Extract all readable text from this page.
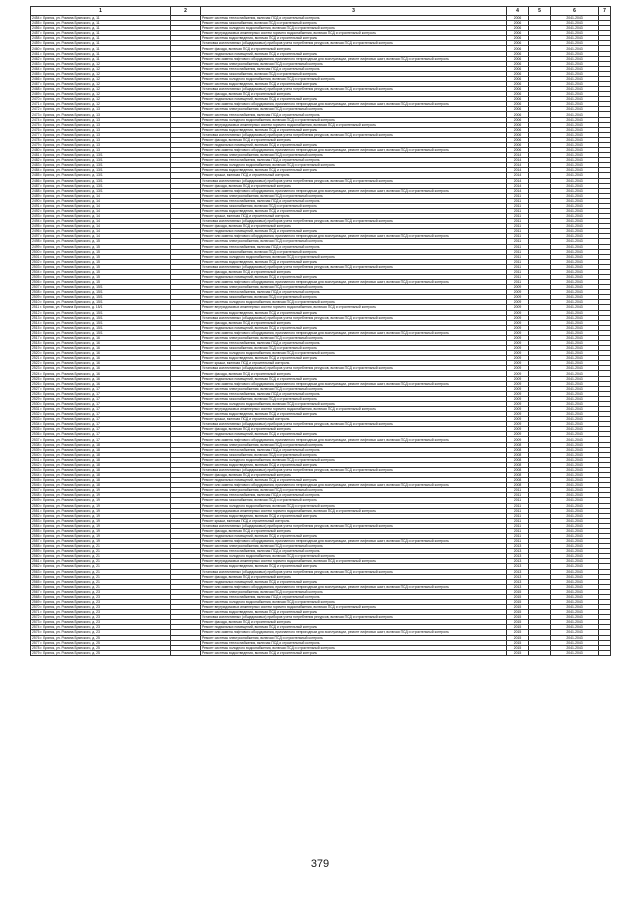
1	2	3	4	5	6	7
2454 г. Брянск, ул. Романа Брянского, д. 11		Ремонт системы теплоснабжения, включая ПСД и строительный контроль	2006		2041-2043	
2455 г. Брянск, ул. Романа Брянского, д. 11		Ремонт системы газоснабжения, включая ПСД и строительный контроль	2006		2041-2043	
2456 г. Брянск, ул. Романа Брянского, д. 11		Ремонт системы холодного водоснабжения, включая ПСД и строительный контроль	2006		2041-2043	
2457 г. Брянск, ул. Романа Брянского, д. 11		Ремонт внутридомовых инженерных систем горячего водоснабжения, включая ПСД и строительный контроль	2006		2041-2043	
2458 г. Брянск, ул. Романа Брянского, д. 11		Ремонт системы водоотведения, включая ПСД и строительный контроль	2006		2041-2043	
2459 г. Брянск, ул. Романа Брянского, д. 11		Установка коллективных (общедомовых) приборов учета потребления ресурсов, включая ПСД и строительный контроль	2006		2041-2043	
2460 г. Брянск, ул. Романа Брянского, д. 11		Ремонт фасада, включая ПСД и строительный контроль	2006		2041-2043	
2461 г. Брянск, ул. Романа Брянского, д. 11		Ремонт подвальных помещений, включая ПСД и строительный контроль	2006		2041-2043	
2462 г. Брянск, ул. Романа Брянского, д. 11		Ремонт или замена лифтового оборудования, признанного непригодным для эксплуатации, ремонт лифтовых шахт, включая ПСД и строительный контроль	2006		2041-2043	
2463 г. Брянск, ул. Романа Брянского, д. 12		Ремонт системы электроснабжения, включая ПСД и строительный контроль	2006		2041-2043	
2464 г. Брянск, ул. Романа Брянского, д. 12		Ремонт системы теплоснабжения, включая ПСД и строительный контроль	2006		2041-2043	
2465 г. Брянск, ул. Романа Брянского, д. 12		Ремонт системы газоснабжения, включая ПСД и строительный контроль	2006		2041-2043	
2466 г. Брянск, ул. Романа Брянского, д. 12		Ремонт системы холодного водоснабжения, включая ПСД и строительный контроль	2006		2041-2043	
2467 г. Брянск, ул. Романа Брянского, д. 12		Ремонт системы водоотведения, включая ПСД и строительный контроль	2006		2041-2043	
2468 г. Брянск, ул. Романа Брянского, д. 12		Установка коллективных (общедомовых) приборов учета потребления ресурсов, включая ПСД и строительный контроль	2006		2041-2043	
2469 г. Брянск, ул. Романа Брянского, д. 12		Ремонт фасада, включая ПСД и строительный контроль	2006		2041-2043	
2470 г. Брянск, ул. Романа Брянского, д. 12		Ремонт подвальных помещений, включая ПСД и строительный контроль	2006		2041-2043	
2471 г. Брянск, ул. Романа Брянского, д. 12		Ремонт или замена лифтового оборудования, признанного непригодным для эксплуатации, ремонт лифтовых шахт, включая ПСД и строительный контроль	2006		2041-2043	
2472 г. Брянск, ул. Романа Брянского, д. 13		Ремонт системы электроснабжения, включая ПСД и строительный контроль	2006		2041-2043	
2473 г. Брянск, ул. Романа Брянского, д. 13		Ремонт системы теплоснабжения, включая ПСД и строительный контроль	2006		2041-2043	
2474 г. Брянск, ул. Романа Брянского, д. 13		Ремонт системы холодного водоснабжения, включая ПСД и строительный контроль	2006		2041-2043	
2475 г. Брянск, ул. Романа Брянского, д. 13		Ремонт внутридомовых инженерных систем горячего водоснабжения, включая ПСД и строительный контроль	2006		2041-2043	
2476 г. Брянск, ул. Романа Брянского, д. 13		Ремонт системы водоотведения, включая ПСД и строительный контроль	2006		2041-2043	
2477 г. Брянск, ул. Романа Брянского, д. 13		Установка коллективных (общедомовых) приборов учета потребления ресурсов, включая ПСД и строительный контроль	2006		2041-2043	
2478 г. Брянск, ул. Романа Брянского, д. 13		Ремонт фасада, включая ПСД и строительный контроль	2006		2041-2043	
2479 г. Брянск, ул. Романа Брянского, д. 13		Ремонт подвальных помещений, включая ПСД и строительный контроль	2006		2041-2043	
2480 г. Брянск, ул. Романа Брянского, д. 13		Ремонт или замена лифтового оборудования, признанного непригодным для эксплуатации, ремонт лифтовых шахт, включая ПСД и строительный контроль	2006		2041-2043	
2481 г. Брянск, ул. Романа Брянского, д. 13/1		Ремонт системы электроснабжения, включая ПСД и строительный контроль	2014		2041-2043	
2482 г. Брянск, ул. Романа Брянского, д. 13/1		Ремонт системы теплоснабжения, включая ПСД и строительный контроль	2014		2041-2043	
2483 г. Брянск, ул. Романа Брянского, д. 13/1		Ремонт системы холодного водоснабжения, включая ПСД и строительный контроль	2014		2041-2043	
2484 г. Брянск, ул. Романа Брянского, д. 13/1		Ремонт системы водоотведения, включая ПСД и строительный контроль	2014		2041-2043	
2485 г. Брянск, ул. Романа Брянского, д. 13/1		Ремонт крыши, включая ПСД и строительный контроль	2014		2041-2043	
2486 г. Брянск, ул. Романа Брянского, д. 13/1		Установка коллективных (общедомовых) приборов учета потребления ресурсов, включая ПСД и строительный контроль	2014		2041-2043	
2487 г. Брянск, ул. Романа Брянского, д. 13/1		Ремонт фасада, включая ПСД и строительный контроль	2014		2041-2043	
2488 г. Брянск, ул. Романа Брянского, д. 13/1		Ремонт или замена лифтового оборудования, признанного непригодным для эксплуатации, ремонт лифтовых шахт, включая ПСД и строительный контроль	2014		2041-2043	
2489 г. Брянск, ул. Романа Брянского, д. 14		Ремонт системы электроснабжения, включая ПСД и строительный контроль	2011		2041-2043	
2490 г. Брянск, ул. Романа Брянского, д. 14		Ремонт системы теплоснабжения, включая ПСД и строительный контроль	2011		2041-2043	
2491 г. Брянск, ул. Романа Брянского, д. 14		Ремонт системы газоснабжения, включая ПСД и строительный контроль	2011		2041-2043	
2492 г. Брянск, ул. Романа Брянского, д. 14		Ремонт системы водоотведения, включая ПСД и строительный контроль	2011		2041-2043	
2493 г. Брянск, ул. Романа Брянского, д. 14		Ремонт крыши, включая ПСД и строительный контроль	2011		2041-2043	
2494 г. Брянск, ул. Романа Брянского, д. 14		Установка коллективных (общедомовых) приборов учета потребления ресурсов, включая ПСД и строительный контроль	2011		2041-2043	
2495 г. Брянск, ул. Романа Брянского, д. 14		Ремонт фасада, включая ПСД и строительный контроль	2011		2041-2043	
2496 г. Брянск, ул. Романа Брянского, д. 14		Ремонт подвальных помещений, включая ПСД и строительный контроль	2011		2041-2043	
2497 г. Брянск, ул. Романа Брянского, д. 14		Ремонт или замена лифтового оборудования, признанного непригодным для эксплуатации, ремонт лифтовых шахт, включая ПСД и строительный контроль	2011		2041-2043	
2498 г. Брянск, ул. Романа Брянского, д. 15		Ремонт системы электроснабжения, включая ПСД и строительный контроль	2011		2041-2043	
2499 г. Брянск, ул. Романа Брянского, д. 15		Ремонт системы теплоснабжения, включая ПСД и строительный контроль	2011		2041-2043	
2500 г. Брянск, ул. Романа Брянского, д. 15		Ремонт системы газоснабжения, включая ПСД и строительный контроль	2011		2041-2043	
2501 г. Брянск, ул. Романа Брянского, д. 15		Ремонт системы холодного водоснабжения, включая ПСД и строительный контроль	2011		2041-2043	
2502 г. Брянск, ул. Романа Брянского, д. 15		Ремонт системы водоотведения, включая ПСД и строительный контроль	2011		2041-2043	
2503 г. Брянск, ул. Романа Брянского, д. 15		Установка коллективных (общедомовых) приборов учета потребления ресурсов, включая ПСД и строительный контроль	2011		2041-2043	
2504 г. Брянск, ул. Романа Брянского, д. 15		Ремонт фасада, включая ПСД и строительный контроль	2011		2041-2043	
2505 г. Брянск, ул. Романа Брянского, д. 15		Ремонт подвальных помещений, включая ПСД и строительный контроль	2011		2041-2043	
2506 г. Брянск, ул. Романа Брянского, д. 15		Ремонт или замена лифтового оборудования, признанного непригодным для эксплуатации, ремонт лифтовых шахт, включая ПСД и строительный контроль	2011		2041-2043	
2507 г. Брянск, ул. Романа Брянского, д. 15/1		Ремонт системы электроснабжения, включая ПСД и строительный контроль	2009		2041-2043	
2508 г. Брянск, ул. Романа Брянского, д. 15/1		Ремонт системы теплоснабжения, включая ПСД и строительный контроль	2009		2041-2043	
2509 г. Брянск, ул. Романа Брянского, д. 15/1		Ремонт системы газоснабжения, включая ПСД и строительный контроль	2009		2041-2043	
2510 г. Брянск, ул. Романа Брянского, д. 15/1		Ремонт системы холодного водоснабжения, включая ПСД и строительный контроль	2009		2041-2043	
2511 г. Брянск, ул. Романа Брянского, д. 15/1		Ремонт внутридомовых инженерных систем горячего водоснабжения, включая ПСД и строительный контроль	2009		2041-2043	
2512 г. Брянск, ул. Романа Брянского, д. 15/1		Ремонт системы водоотведения, включая ПСД и строительный контроль	2009		2041-2043	
2513 г. Брянск, ул. Романа Брянского, д. 15/1		Установка коллективных (общедомовых) приборов учета потребления ресурсов, включая ПСД и строительный контроль	2009		2041-2043	
2514 г. Брянск, ул. Романа Брянского, д. 15/1		Ремонт фасада, включая ПСД и строительный контроль	2009		2041-2043	
2515 г. Брянск, ул. Романа Брянского, д. 15/1		Ремонт подвальных помещений, включая ПСД и строительный контроль	2009		2041-2043	
2516 г. Брянск, ул. Романа Брянского, д. 15/1		Ремонт или замена лифтового оборудования, признанного непригодным для эксплуатации, ремонт лифтовых шахт, включая ПСД и строительный контроль	2009		2041-2043	
2517 г. Брянск, ул. Романа Брянского, д. 16		Ремонт системы электроснабжения, включая ПСД и строительный контроль	2009		2041-2043	
2518 г. Брянск, ул. Романа Брянского, д. 16		Ремонт системы теплоснабжения, включая ПСД и строительный контроль	2009		2041-2043	
2519 г. Брянск, ул. Романа Брянского, д. 16		Ремонт системы газоснабжения, включая ПСД и строительный контроль	2009		2041-2043	
2520 г. Брянск, ул. Романа Брянского, д. 16		Ремонт системы холодного водоснабжения, включая ПСД и строительный контроль	2009		2041-2043	
2521 г. Брянск, ул. Романа Брянского, д. 16		Ремонт системы водоотведения, включая ПСД и строительный контроль	2009		2041-2043	
2522 г. Брянск, ул. Романа Брянского, д. 16		Ремонт крыши, включая ПСД и строительный контроль	2009		2041-2043	
2523 г. Брянск, ул. Романа Брянского, д. 16		Установка коллективных (общедомовых) приборов учета потребления ресурсов, включая ПСД и строительный контроль	2009		2041-2043	
2524 г. Брянск, ул. Романа Брянского, д. 16		Ремонт фасада, включая ПСД и строительный контроль	2009		2041-2043	
2525 г. Брянск, ул. Романа Брянского, д. 16		Ремонт подвальных помещений, включая ПСД и строительный контроль	2009		2041-2043	
2526 г. Брянск, ул. Романа Брянского, д. 16		Ремонт или замена лифтового оборудования, признанного непригодным для эксплуатации, ремонт лифтовых шахт, включая ПСД и строительный контроль	2009		2041-2043	
2527 г. Брянск, ул. Романа Брянского, д. 17		Ремонт системы электроснабжения, включая ПСД и строительный контроль	2009		2041-2043	
2528 г. Брянск, ул. Романа Брянского, д. 17		Ремонт системы теплоснабжения, включая ПСД и строительный контроль	2009		2041-2043	
2529 г. Брянск, ул. Романа Брянского, д. 17		Ремонт системы газоснабжения, включая ПСД и строительный контроль	2009		2041-2043	
2530 г. Брянск, ул. Романа Брянского, д. 17		Ремонт системы холодного водоснабжения, включая ПСД и строительный контроль	2009		2041-2043	
2531 г. Брянск, ул. Романа Брянского, д. 17		Ремонт внутридомовых инженерных систем горячего водоснабжения, включая ПСД и строительный контроль	2009		2041-2043	
2532 г. Брянск, ул. Романа Брянского, д. 17		Ремонт системы водоотведения, включая ПСД и строительный контроль	2009		2041-2043	
2533 г. Брянск, ул. Романа Брянского, д. 17		Ремонт крыши, включая ПСД и строительный контроль	2009		2041-2043	
2534 г. Брянск, ул. Романа Брянского, д. 17		Установка коллективных (общедомовых) приборов учета потребления ресурсов, включая ПСД и строительный контроль	2009		2041-2043	
2535 г. Брянск, ул. Романа Брянского, д. 17		Ремонт фасада, включая ПСД и строительный контроль	2009		2041-2043	
2536 г. Брянск, ул. Романа Брянского, д. 17		Ремонт подвальных помещений, включая ПСД и строительный контроль	2009		2041-2043	
2537 г. Брянск, ул. Романа Брянского, д. 17		Ремонт или замена лифтового оборудования, признанного непригодным для эксплуатации, ремонт лифтовых шахт, включая ПСД и строительный контроль	2009		2041-2043	
2538 г. Брянск, ул. Романа Брянского, д. 18		Ремонт системы электроснабжения, включая ПСД и строительный контроль	2008		2041-2043	
2539 г. Брянск, ул. Романа Брянского, д. 18		Ремонт системы теплоснабжения, включая ПСД и строительный контроль	2008		2041-2043	
2540 г. Брянск, ул. Романа Брянского, д. 18		Ремонт системы газоснабжения, включая ПСД и строительный контроль	2008		2041-2043	
2541 г. Брянск, ул. Романа Брянского, д. 18		Ремонт системы холодного водоснабжения, включая ПСД и строительный контроль	2008		2041-2043	
2542 г. Брянск, ул. Романа Брянского, д. 18		Ремонт системы водоотведения, включая ПСД и строительный контроль	2008		2041-2043	
2543 г. Брянск, ул. Романа Брянского, д. 18		Установка коллективных (общедомовых) приборов учета потребления ресурсов, включая ПСД и строительный контроль	2008		2041-2043	
2544 г. Брянск, ул. Романа Брянского, д. 18		Ремонт фасада, включая ПСД и строительный контроль	2008		2041-2043	
2545 г. Брянск, ул. Романа Брянского, д. 18		Ремонт подвальных помещений, включая ПСД и строительный контроль	2008		2041-2043	
2546 г. Брянск, ул. Романа Брянского, д. 18		Ремонт или замена лифтового оборудования, признанного непригодным для эксплуатации, ремонт лифтовых шахт, включая ПСД и строительный контроль	2008		2041-2043	
2547 г. Брянск, ул. Романа Брянского, д. 19		Ремонт системы электроснабжения, включая ПСД и строительный контроль	2011		2041-2043	
2548 г. Брянск, ул. Романа Брянского, д. 19		Ремонт системы теплоснабжения, включая ПСД и строительный контроль	2011		2041-2043	
2549 г. Брянск, ул. Романа Брянского, д. 19		Ремонт системы газоснабжения, включая ПСД и строительный контроль	2011		2041-2043	
2550 г. Брянск, ул. Романа Брянского, д. 19		Ремонт системы холодного водоснабжения, включая ПСД и строительный контроль	2011		2041-2043	
2551 г. Брянск, ул. Романа Брянского, д. 19		Ремонт внутридомовых инженерных систем горячего водоснабжения, включая ПСД и строительный контроль	2011		2041-2043	
2552 г. Брянск, ул. Романа Брянского, д. 19		Ремонт системы водоотведения, включая ПСД и строительный контроль	2011		2041-2043	
2553 г. Брянск, ул. Романа Брянского, д. 19		Ремонт крыши, включая ПСД и строительный контроль	2011		2041-2043	
2554 г. Брянск, ул. Романа Брянского, д. 19		Установка коллективных (общедомовых) приборов учета потребления ресурсов, включая ПСД и строительный контроль	2011		2041-2043	
2555 г. Брянск, ул. Романа Брянского, д. 19		Ремонт фасада, включая ПСД и строительный контроль	2011		2041-2043	
2556 г. Брянск, ул. Романа Брянского, д. 19		Ремонт подвальных помещений, включая ПСД и строительный контроль	2011		2041-2043	
2557 г. Брянск, ул. Романа Брянского, д. 19		Ремонт или замена лифтового оборудования, признанного непригодным для эксплуатации, ремонт лифтовых шахт, включая ПСД и строительный контроль	2011		2041-2043	
2558 г. Брянск, ул. Романа Брянского, д. 21		Ремонт системы электроснабжения, включая ПСД и строительный контроль	2013		2041-2043	
2559 г. Брянск, ул. Романа Брянского, д. 21		Ремонт системы теплоснабжения, включая ПСД и строительный контроль	2013		2041-2043	
2560 г. Брянск, ул. Романа Брянского, д. 21		Ремонт системы холодного водоснабжения, включая ПСД и строительный контроль	2013		2041-2043	
2561 г. Брянск, ул. Романа Брянского, д. 21		Ремонт внутридомовых инженерных систем горячего водоснабжения, включая ПСД и строительный контроль	2013		2041-2043	
2562 г. Брянск, ул. Романа Брянского, д. 21		Ремонт системы водоотведения, включая ПСД и строительный контроль	2013		2041-2043	
2563 г. Брянск, ул. Романа Брянского, д. 21		Установка коллективных (общедомовых) приборов учета потребления ресурсов, включая ПСД и строительный контроль	2013		2041-2043	
2564 г. Брянск, ул. Романа Брянского, д. 21		Ремонт фасада, включая ПСД и строительный контроль	2013		2041-2043	
2565 г. Брянск, ул. Романа Брянского, д. 21		Ремонт подвальных помещений, включая ПСД и строительный контроль	2013		2041-2043	
2566 г. Брянск, ул. Романа Брянского, д. 21		Ремонт или замена лифтового оборудования, признанного непригодным для эксплуатации, ремонт лифтовых шахт, включая ПСД и строительный контроль	2013		2041-2043	
2567 г. Брянск, ул. Романа Брянского, д. 23		Ремонт системы электроснабжения, включая ПСД и строительный контроль	2015		2041-2043	
2568 г. Брянск, ул. Романа Брянского, д. 23		Ремонт системы теплоснабжения, включая ПСД и строительный контроль	2015		2041-2043	
2569 г. Брянск, ул. Романа Брянского, д. 23		Ремонт системы холодного водоснабжения, включая ПСД и строительный контроль	2015		2041-2043	
2570 г. Брянск, ул. Романа Брянского, д. 23		Ремонт внутридомовых инженерных систем горячего водоснабжения, включая ПСД и строительный контроль	2015		2041-2043	
2571 г. Брянск, ул. Романа Брянского, д. 23		Ремонт системы водоотведения, включая ПСД и строительный контроль	2015		2041-2043	
2572 г. Брянск, ул. Романа Брянского, д. 23		Установка коллективных (общедомовых) приборов учета потребления ресурсов, включая ПСД и строительный контроль	2015		2041-2043	
2573 г. Брянск, ул. Романа Брянского, д. 23		Ремонт фасада, включая ПСД и строительный контроль	2015		2041-2043	
2574 г. Брянск, ул. Романа Брянского, д. 23		Ремонт подвальных помещений, включая ПСД и строительный контроль	2015		2041-2043	
2575 г. Брянск, ул. Романа Брянского, д. 23		Ремонт или замена лифтового оборудования, признанного непригодным для эксплуатации, ремонт лифтовых шахт, включая ПСД и строительный контроль	2015		2041-2043	
2576 г. Брянск, ул. Романа Брянского, д. 25		Ремонт системы электроснабжения, включая ПСД и строительный контроль	2015		2041-2043	
2577 г. Брянск, ул. Романа Брянского, д. 25		Ремонт системы теплоснабжения, включая ПСД и строительный контроль	2015		2041-2043	
2578 г. Брянск, ул. Романа Брянского, д. 25		Ремонт системы холодного водоснабжения, включая ПСД и строительный контроль	2015		2041-2043	
2579 г. Брянск, ул. Романа Брянского, д. 25		Ремонт системы водоотведения, включая ПСД и строительный контроль	2015		2041-2043	
379
